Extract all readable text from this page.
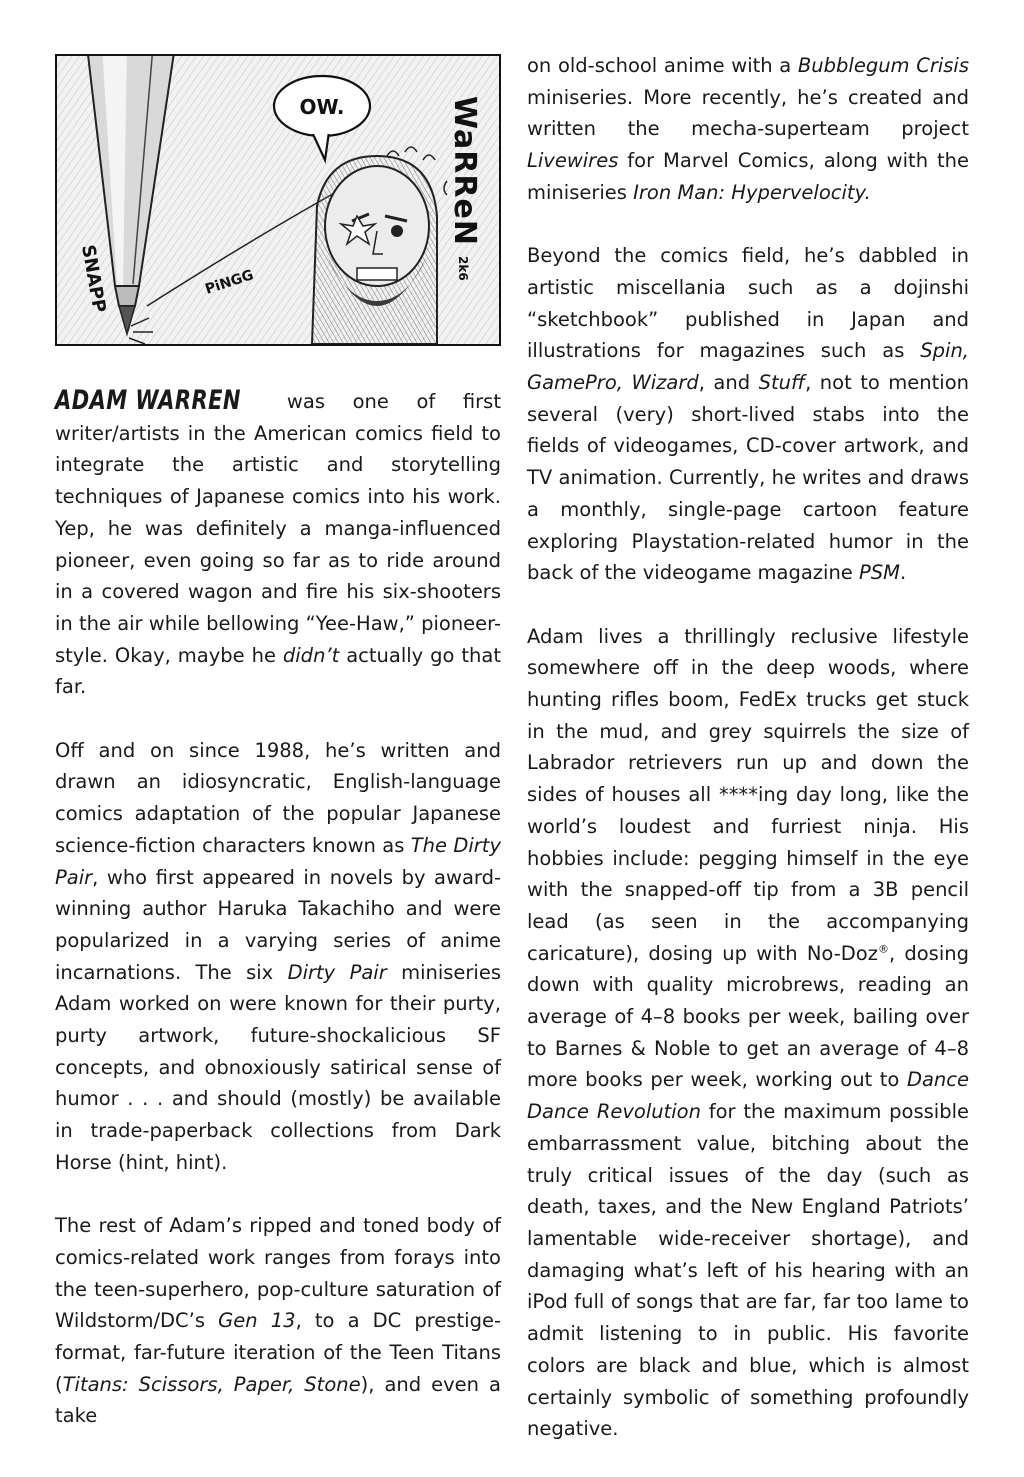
OW.
SNAPP	PiNGG
WaRReN
2k6

ADAM WARREN was one of first writer/artists in the American comics field to integrate the artistic and storytelling techniques of Japanese comics into his work. Yep, he was definitely a manga-influenced pioneer, even going so far as to ride around in a covered wagon and fire his six-shooters in the air while bellowing “Yee-Haw,” pioneer-style. Okay, maybe he didn’t actually go that far.

Off and on since 1988, he’s written and drawn an idiosyncratic, English-language comics adaptation of the popular Japanese science-fiction characters known as The Dirty Pair, who first appeared in novels by award-winning author Haruka Takachiho and were popularized in a varying series of anime incarnations. The six Dirty Pair miniseries Adam worked on were known for their purty, purty artwork, future-shockalicious SF concepts, and obnoxiously satirical sense of humor . . . and should (mostly) be available in trade-paperback collections from Dark Horse (hint, hint).

The rest of Adam’s ripped and toned body of comics-related work ranges from forays into the teen-superhero, pop-culture saturation of Wildstorm/DC’s Gen 13, to a DC prestige-format, far-future iteration of the Teen Titans (Titans: Scissors, Paper, Stone), and even a take

on old-school anime with a Bubblegum Crisis miniseries. More recently, he’s created and written the mecha-superteam project Livewires for Marvel Comics, along with the miniseries Iron Man: Hypervelocity.

Beyond the comics field, he’s dabbled in artistic miscellania such as a dojinshi “sketchbook” published in Japan and illustrations for magazines such as Spin, GamePro, Wizard, and Stuff, not to mention several (very) short-lived stabs into the fields of videogames, CD-cover artwork, and TV animation. Currently, he writes and draws a monthly, single-page cartoon feature exploring Playstation-related humor in the back of the videogame magazine PSM.

Adam lives a thrillingly reclusive lifestyle somewhere off in the deep woods, where hunting rifles boom, FedEx trucks get stuck in the mud, and grey squirrels the size of Labrador retrievers run up and down the sides of houses all ****ing day long, like the world’s loudest and furriest ninja. His hobbies include: pegging himself in the eye with the snapped-off tip from a 3B pencil lead (as seen in the accompanying caricature), dosing up with No-Doz®, dosing down with quality microbrews, reading an average of 4–8 books per week, bailing over to Barnes & Noble to get an average of 4–8 more books per week, working out to Dance Dance Revolution for the maximum possible embarrassment value, bitching about the truly critical issues of the day (such as death, taxes, and the New England Patriots’ lamentable wide-receiver shortage), and damaging what’s left of his hearing with an iPod full of songs that are far, far too lame to admit listening to in public. His favorite colors are black and blue, which is almost certainly symbolic of something profoundly negative.
